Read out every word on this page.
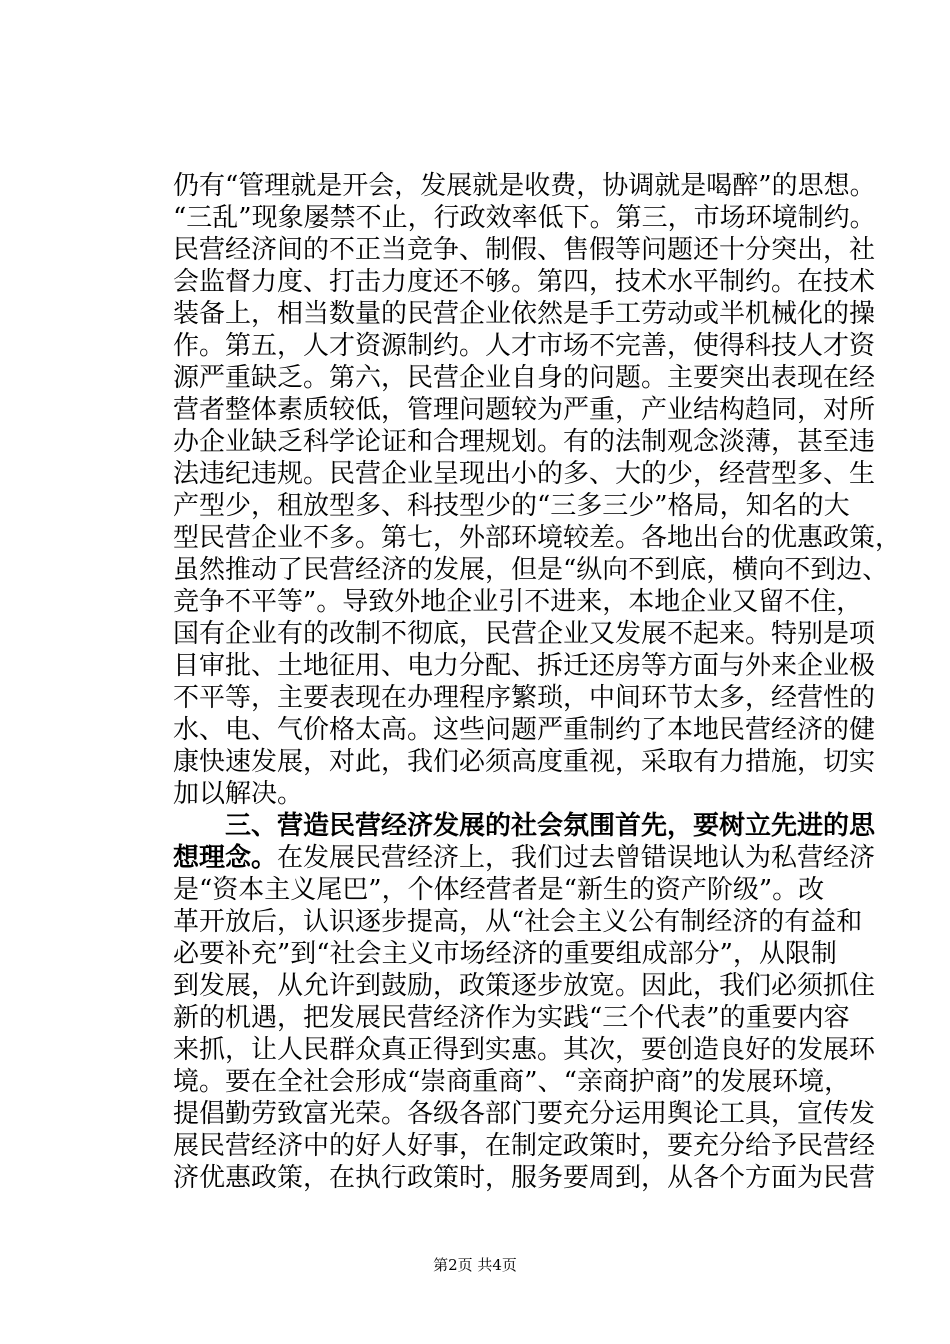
仍有“管理就是开会，发展就是收费，协调就是喝醉”的思想。
“三乱”现象屡禁不止，行政效率低下。第三，市场环境制约。
民营经济间的不正当竞争、制假、售假等问题还十分突出，社
会监督力度、打击力度还不够。第四，技术水平制约。在技术
装备上，相当数量的民营企业依然是手工劳动或半机械化的操
作。第五，人才资源制约。人才市场不完善，使得科技人才资
源严重缺乏。第六，民营企业自身的问题。主要突出表现在经
营者整体素质较低，管理问题较为严重，产业结构趋同，对所
办企业缺乏科学论证和合理规划。有的法制观念淡薄，甚至违
法违纪违规。民营企业呈现出小的多、大的少，经营型多、生
产型少，租放型多、科技型少的“三多三少”格局，知名的大
型民营企业不多。第七，外部环境较差。各地出台的优惠政策，
虽然推动了民营经济的发展，但是“纵向不到底，横向不到边、
竞争不平等”。导致外地企业引不进来，本地企业又留不住，
国有企业有的改制不彻底，民营企业又发展不起来。特别是项
目审批、土地征用、电力分配、拆迁还房等方面与外来企业极
不平等，主要表现在办理程序繁琐，中间环节太多，经营性的
水、电、气价格太高。这些问题严重制约了本地民营经济的健
康快速发展，对此，我们必须高度重视，采取有力措施，切实
加以解决。
　　三、营造民营经济发展的社会氛围首先，要树立先进的思
想理念。在发展民营经济上，我们过去曾错误地认为私营经济
是“资本主义尾巴”，个体经营者是“新生的资产阶级”。改
革开放后，认识逐步提高，从“社会主义公有制经济的有益和
必要补充”到“社会主义市场经济的重要组成部分”，从限制
到发展，从允许到鼓励，政策逐步放宽。因此，我们必须抓住
新的机遇，把发展民营经济作为实践“三个代表”的重要内容
来抓，让人民群众真正得到实惠。其次，要创造良好的发展环
境。要在全社会形成“崇商重商”、“亲商护商”的发展环境，
提倡勤劳致富光荣。各级各部门要充分运用舆论工具，宣传发
展民营经济中的好人好事，在制定政策时，要充分给予民营经
济优惠政策，在执行政策时，服务要周到，从各个方面为民营
第2页 共4页
